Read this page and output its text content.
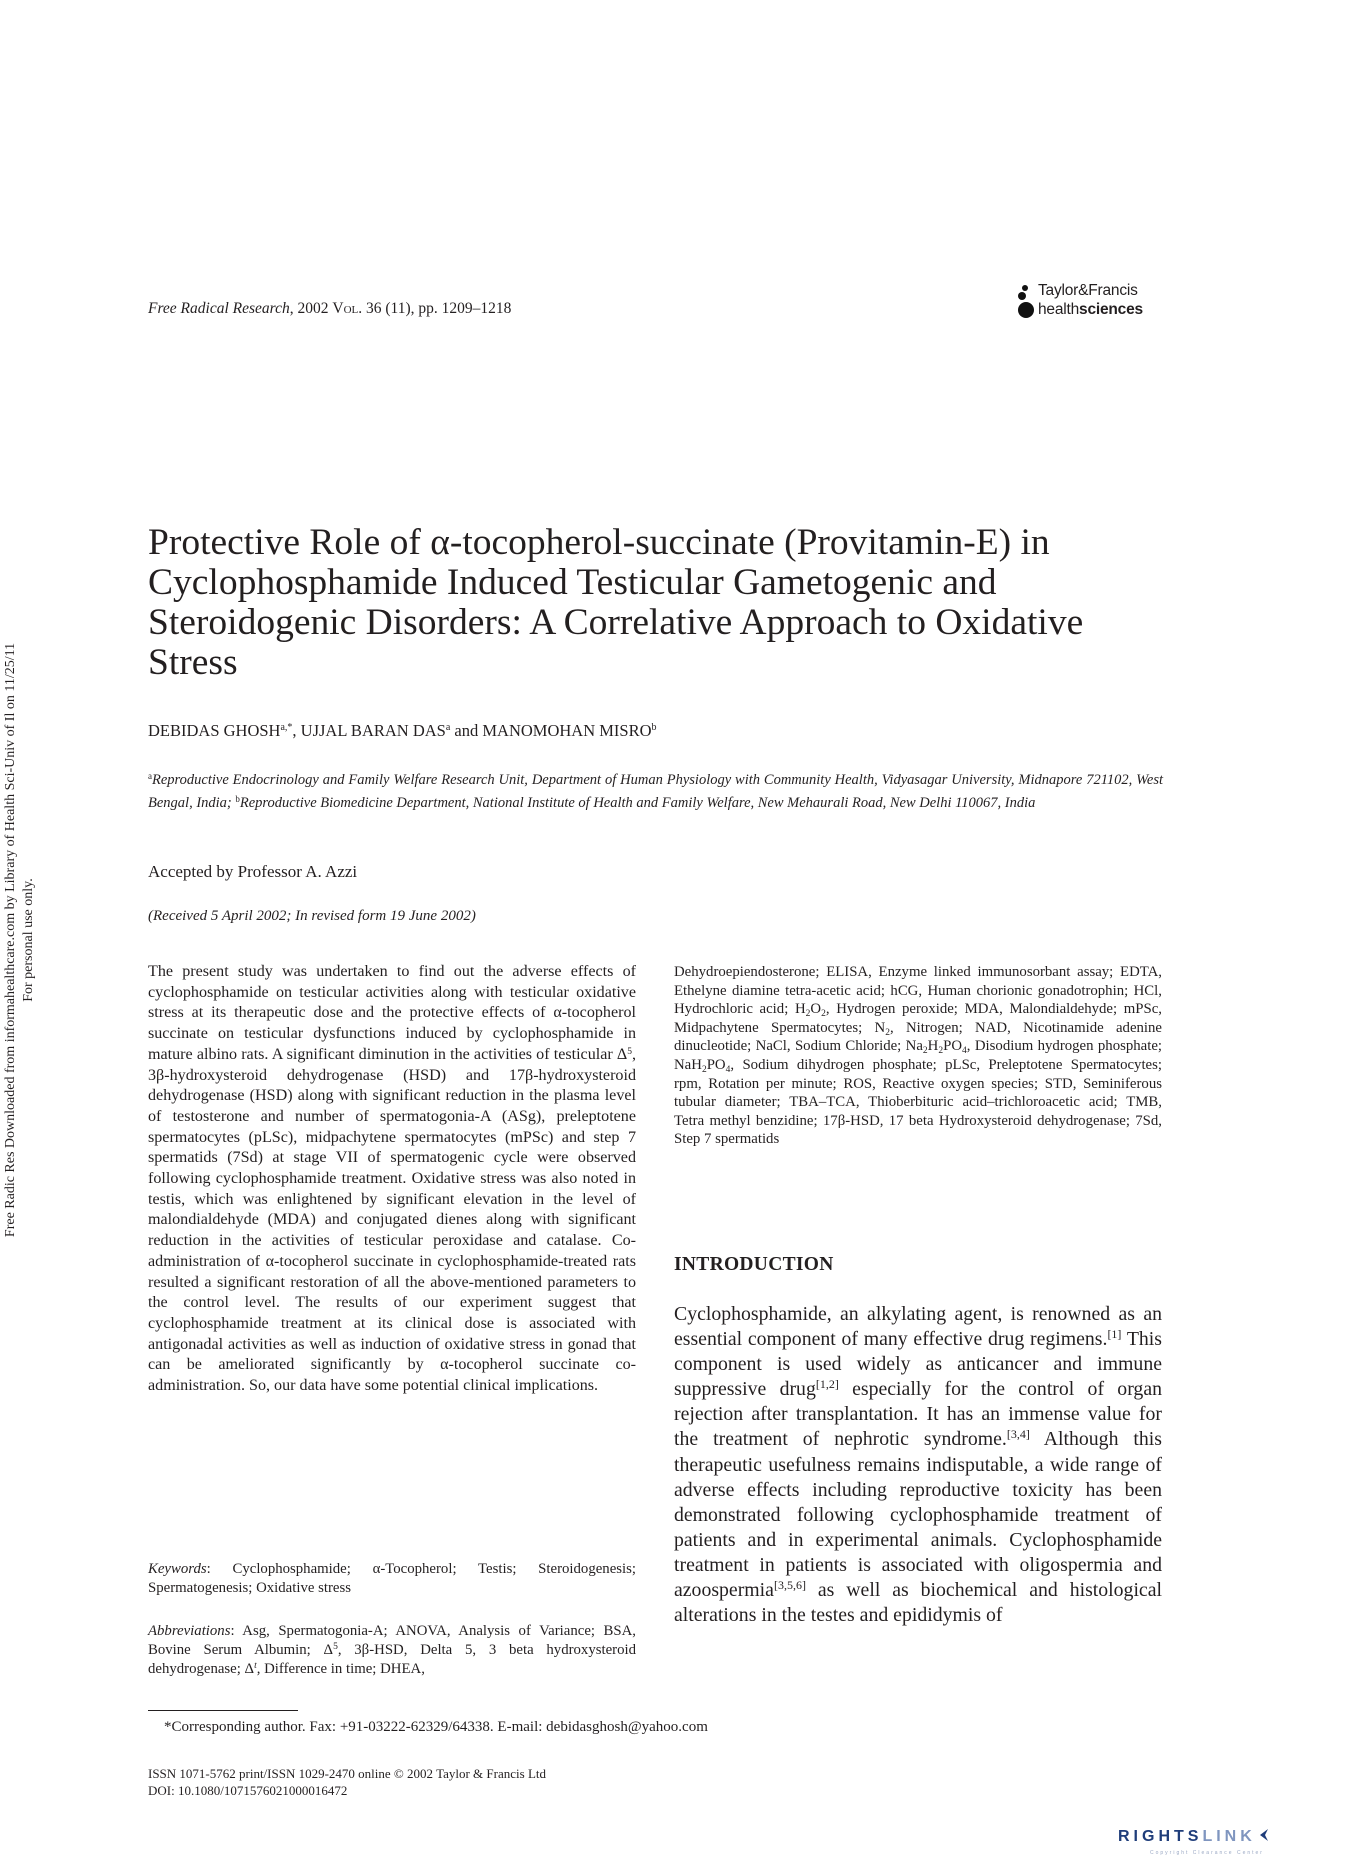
Free Radical Research, 2002 Vol. 36 (11), pp. 1209–1218
Taylor&Francis
healthsciences
Free Radic Res Downloaded from informahealthcare.com by Library of Health Sci-Univ of Il on 11/25/11 For personal use only.
Protective Role of α-tocopherol-succinate (Provitamin-E) in Cyclophosphamide Induced Testicular Gametogenic and Steroidogenic Disorders: A Correlative Approach to Oxidative Stress
DEBIDAS $GHOSH^{a,*}$, UJJAL BARAN DAS$^a$ and MANOMOHAN MISRO$^b$
$^a$Reproductive Endocrinology and Family Welfare Research Unit, Department of Human Physiology with Community Health, Vidyasagar University, Midnapore 721102, West Bengal, India; $^b$Reproductive Biomedicine Department, National Institute of Health and Family Welfare, New Mehaurali Road, New Delhi 110067, India
Accepted by Professor A. Azzi
(Received 5 April 2002; In revised form 19 June 2002)
The present study was undertaken to find out the adverse effects of cyclophosphamide on testicular activities along with testicular oxidative stress at its therapeutic dose and the protective effects of α-tocopherol succinate on testicular dysfunctions induced by cyclophosphamide in mature albino rats. A significant diminution in the activities of testicular $\Delta^5$, 3β-hydroxysteroid dehydrogenase (HSD) and 17β-hydroxysteroid dehydrogenase (HSD) along with significant reduction in the plasma level of testosterone and number of spermatogonia-A (ASg), preleptotene spermatocytes (pLSc), midpachytene spermatocytes (mPSc) and step 7 spermatids (7Sd) at stage VII of spermatogenic cycle were observed following cyclophosphamide treatment. Oxidative stress was also noted in testis, which was enlightened by significant elevation in the level of malondialdehyde (MDA) and conjugated dienes along with significant reduction in the activities of testicular peroxidase and catalase. Co-administration of α-tocopherol succinate in cyclophosphamide-treated rats resulted a significant restoration of all the above-mentioned parameters to the control level. The results of our experiment suggest that cyclophosphamide treatment at its clinical dose is associated with antigonadal activities as well as induction of oxidative stress in gonad that can be ameliorated significantly by α-tocopherol succinate co-administration. So, our data have some potential clinical implications.
Keywords: Cyclophosphamide; α-Tocopherol; Testis; Steroidogenesis; Spermatogenesis; Oxidative stress
Abbreviations: Asg, Spermatogonia-A; ANOVA, Analysis of Variance; BSA, Bovine Serum Albumin; $\Delta^5$, 3β-HSD, Delta 5, 3 beta hydroxysteroid dehydrogenase; $\Delta^t$, Difference in time; DHEA,
Dehydroepiendosterone; ELISA, Enzyme linked immunosorbant assay; EDTA, Ethelyne diamine tetra-acetic acid; hCG, Human chorionic gonadotrophin; HCl, Hydrochloric acid; $H_2O_2$, Hydrogen peroxide; MDA, Malondialdehyde; mPSc, Midpachytene Spermatocytes; $N_2$, Nitrogen; NAD, Nicotinamide adenine dinucleotide; NaCl, Sodium Chloride; $Na_2H_2PO_4$, Disodium hydrogen phosphate; $NaH_2PO_4$, Sodium dihydrogen phosphate; pLSc, Preleptotene Spermatocytes; rpm, Rotation per minute; ROS, Reactive oxygen species; STD, Seminiferous tubular diameter; TBA–TCA, Thioberbituric acid–trichloroacetic acid; TMB, Tetra methyl benzidine; 17β-HSD, 17 beta Hydroxysteroid dehydrogenase; 7Sd, Step 7 spermatids
INTRODUCTION
Cyclophosphamide, an alkylating agent, is renowned as an essential component of many effective drug regimens.[1] This component is used widely as anticancer and immune suppressive drug[1,2] especially for the control of organ rejection after transplantation. It has an immense value for the treatment of nephrotic syndrome.[3,4] Although this therapeutic usefulness remains indisputable, a wide range of adverse effects including reproductive toxicity has been demonstrated following cyclophosphamide treatment of patients and in experimental animals. Cyclophosphamide treatment in patients is associated with oligospermia and azoospermia[3,5,6] as well as biochemical and histological alterations in the testes and epididymis of
*Corresponding author. Fax: +91-03222-62329/64338. E-mail: debidasghosh@yahoo.com
ISSN 1071-5762 print/ISSN 1029-2470 online © 2002 Taylor & Francis Ltd
DOI: 10.1080/1071576021000016472
RIGHTSLINK
Copyright Clearance Center
